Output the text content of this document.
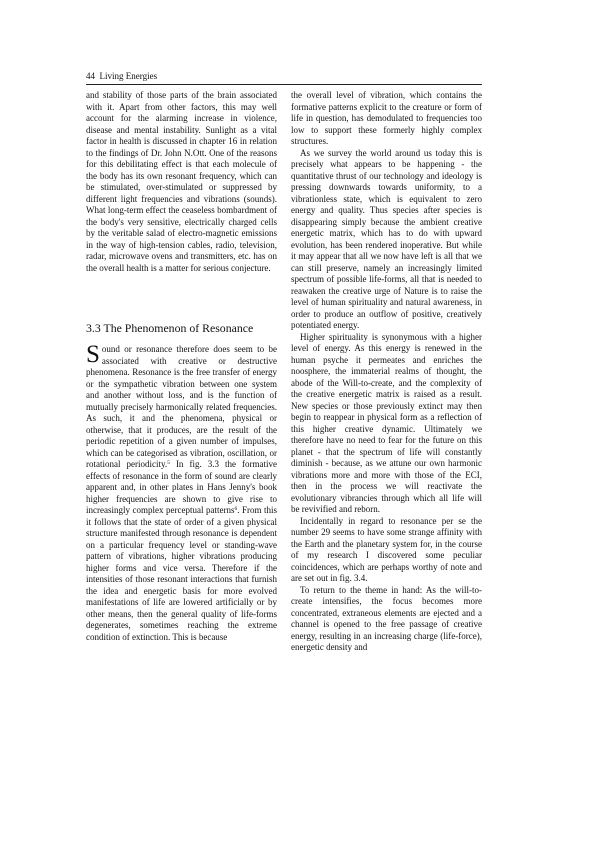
44 Living Energies

and stability of those parts of the brain associated with it. Apart from other factors, this may well account for the alarming increase in violence, disease and mental instability. Sunlight as a vital factor in health is discussed in chapter 16 in relation to the findings of Dr. John N.Ott. One of the reasons for this debilitating effect is that each molecule of the body has its own resonant frequency, which can be stimulated, over-stimulated or suppressed by different light frequencies and vibrations (sounds). What long-term effect the ceaseless bombardment of the body's very sensitive, electrically charged cells by the veritable salad of electro-magnetic emissions in the way of high-tension cables, radio, television, radar, microwave ovens and transmitters, etc. has on the overall health is a matter for serious conjecture.

3.3 The Phenomenon of Resonance
Sound or resonance therefore does seem to be associated with creative or destructive phenomena. Resonance is the free transfer of energy or the sympathetic vibration between one system and another without loss, and is the function of mutually precisely harmonically related frequencies. As such, it and the phenomena, physical or otherwise, that it produces, are the result of the periodic repetition of a given number of impulses, which can be categorised as vibration, oscillation, or rotational periodicity.$^5$ In fig. 3.3 the formative effects of resonance in the form of sound are clearly apparent and, in other plates in Hans Jenny's book higher frequencies are shown to give rise to increasingly complex perceptual patterns$^6$. From this it follows that the state of order of a given physical structure manifested through resonance is dependent on a particular frequency level or standing-wave pattern of vibrations, higher vibrations producing higher forms and vice versa. Therefore if the intensities of those resonant interactions that furnish the idea and energetic basis for more evolved manifestations of life are lowered artificially or by other means, then the general quality of life-forms degenerates, sometimes reaching the extreme condition of extinction. This is because

the overall level of vibration, which contains the formative patterns explicit to the creature or form of life in question, has demodulated to frequencies too low to support these formerly highly complex structures.

As we survey the world around us today this is precisely what appears to be happening - the quantitative thrust of our technology and ideology is pressing downwards towards uniformity, to a vibrationless state, which is equivalent to zero energy and quality. Thus species after species is disappearing simply because the ambient creative energetic matrix, which has to do with upward evolution, has been rendered inoperative. But while it may appear that all we now have left is all that we can still preserve, namely an increasingly limited spectrum of possible life-forms, all that is needed to reawaken the creative urge of Nature is to raise the level of human spirituality and natural awareness, in order to produce an outflow of positive, creatively potentiated energy.

Higher spirituality is synonymous with a higher level of energy. As this energy is renewed in the human psyche it permeates and enriches the noosphere, the immaterial realms of thought, the abode of the Will-to-create, and the complexity of the creative energetic matrix is raised as a result. New species or those previously extinct may then begin to reappear in physical form as a reflection of this higher creative dynamic. Ultimately we therefore have no need to fear for the future on this planet - that the spectrum of life will constantly diminish - because, as we attune our own harmonic vibrations more and more with those of the ECI, then in the process we will reactivate the evolutionary vibrancies through which all life will be revivified and reborn.

Incidentally in regard to resonance per se the number 29 seems to have some strange affinity with the Earth and the planetary system for, in the course of my research I discovered some peculiar coincidences, which are perhaps worthy of note and are set out in fig. 3.4.

To return to the theme in hand: As the will-to-create intensifies, the focus becomes more concentrated, extraneous elements are ejected and a channel is opened to the free passage of creative energy, resulting in an increasing charge (life-force), energetic density and
